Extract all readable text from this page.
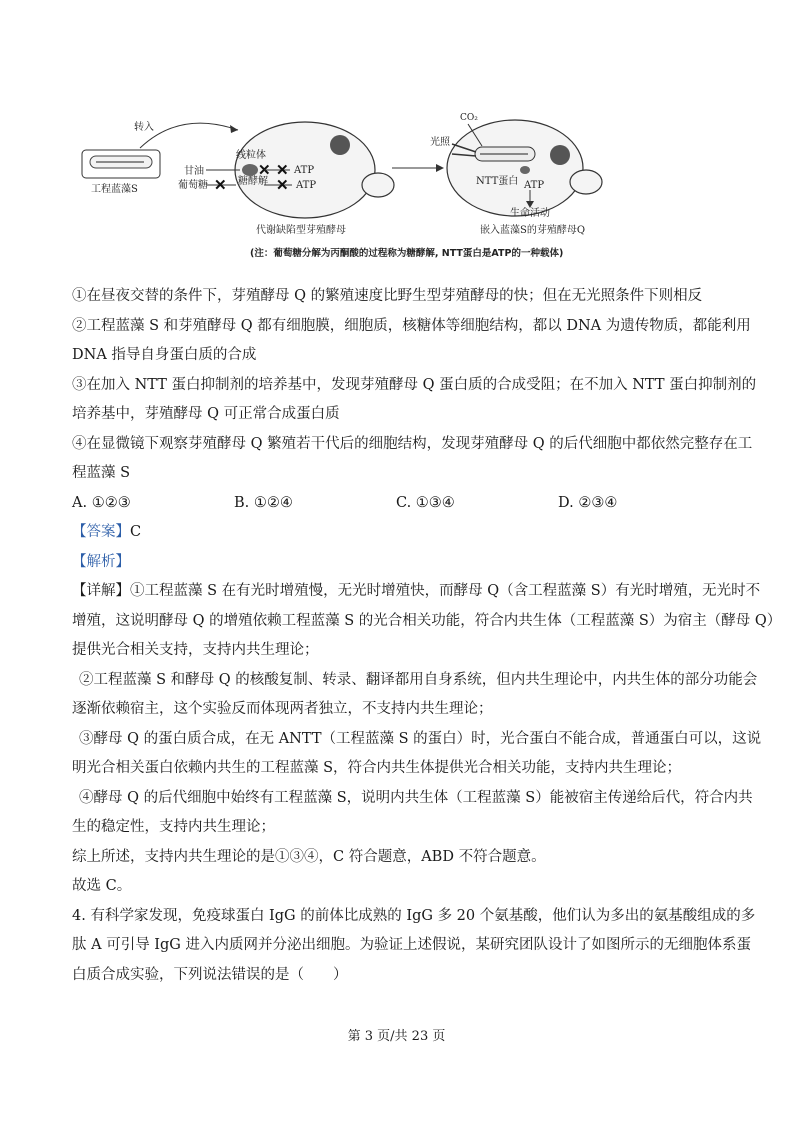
工程蓝藻S
转入
线粒体
糖酵解
甘油
葡萄糖 ✕
✕ ✕
✕
ATP
ATP
代谢缺陷型芽殖酵母
CO₂
光照
NTT蛋白 ATP
生命活动
嵌入蓝藻S的芽殖酵母Q
(注：葡萄糖分解为丙酮酸的过程称为糖酵解, NTT蛋白是ATP的一种载体)
①在昼夜交替的条件下，芽殖酵母 Q 的繁殖速度比野生型芽殖酵母的快；但在无光照条件下则相反
②工程蓝藻 S 和芽殖酵母 Q 都有细胞膜，细胞质，核糖体等细胞结构，都以 DNA 为遗传物质，都能利用
DNA 指导自身蛋白质的合成
③在加入 NTT 蛋白抑制剂的培养基中，发现芽殖酵母 Q 蛋白质的合成受阻；在不加入 NTT 蛋白抑制剂的
培养基中，芽殖酵母 Q 可正常合成蛋白质
④在显微镜下观察芽殖酵母 Q 繁殖若干代后的细胞结构，发现芽殖酵母 Q 的后代细胞中都依然完整存在工
程蓝藻 S
A. ①②③	B. ①②④	C. ①③④	D. ②③④
【答案】C
【解析】
【详解】①工程蓝藻 S 在有光时增殖慢，无光时增殖快，而酵母 Q（含工程蓝藻 S）有光时增殖，无光时不
增殖，这说明酵母 Q 的增殖依赖工程蓝藻 S 的光合相关功能，符合内共生体（工程蓝藻 S）为宿主（酵母 Q）
提供光合相关支持，支持内共生理论；
②工程蓝藻 S 和酵母 Q 的核酸复制、转录、翻译都用自身系统，但内共生理论中，内共生体的部分功能会
逐渐依赖宿主，这个实验反而体现两者独立，不支持内共生理论；
③酵母 Q 的蛋白质合成，在无 ANTT（工程蓝藻 S 的蛋白）时，光合蛋白不能合成，普通蛋白可以，这说
明光合相关蛋白依赖内共生的工程蓝藻 S，符合内共生体提供光合相关功能，支持内共生理论；
④酵母 Q 的后代细胞中始终有工程蓝藻 S，说明内共生体（工程蓝藻 S）能被宿主传递给后代，符合内共
生的稳定性，支持内共生理论；
综上所述，支持内共生理论的是①③④，C 符合题意，ABD 不符合题意。
故选 C。
4. 有科学家发现，免疫球蛋白 IgG 的前体比成熟的 IgG 多 20 个氨基酸，他们认为多出的氨基酸组成的多
肽 A 可引导 IgG 进入内质网并分泌出细胞。为验证上述假说，某研究团队设计了如图所示的无细胞体系蛋
白质合成实验，下列说法错误的是（　　）
第 3 页/共 23 页
